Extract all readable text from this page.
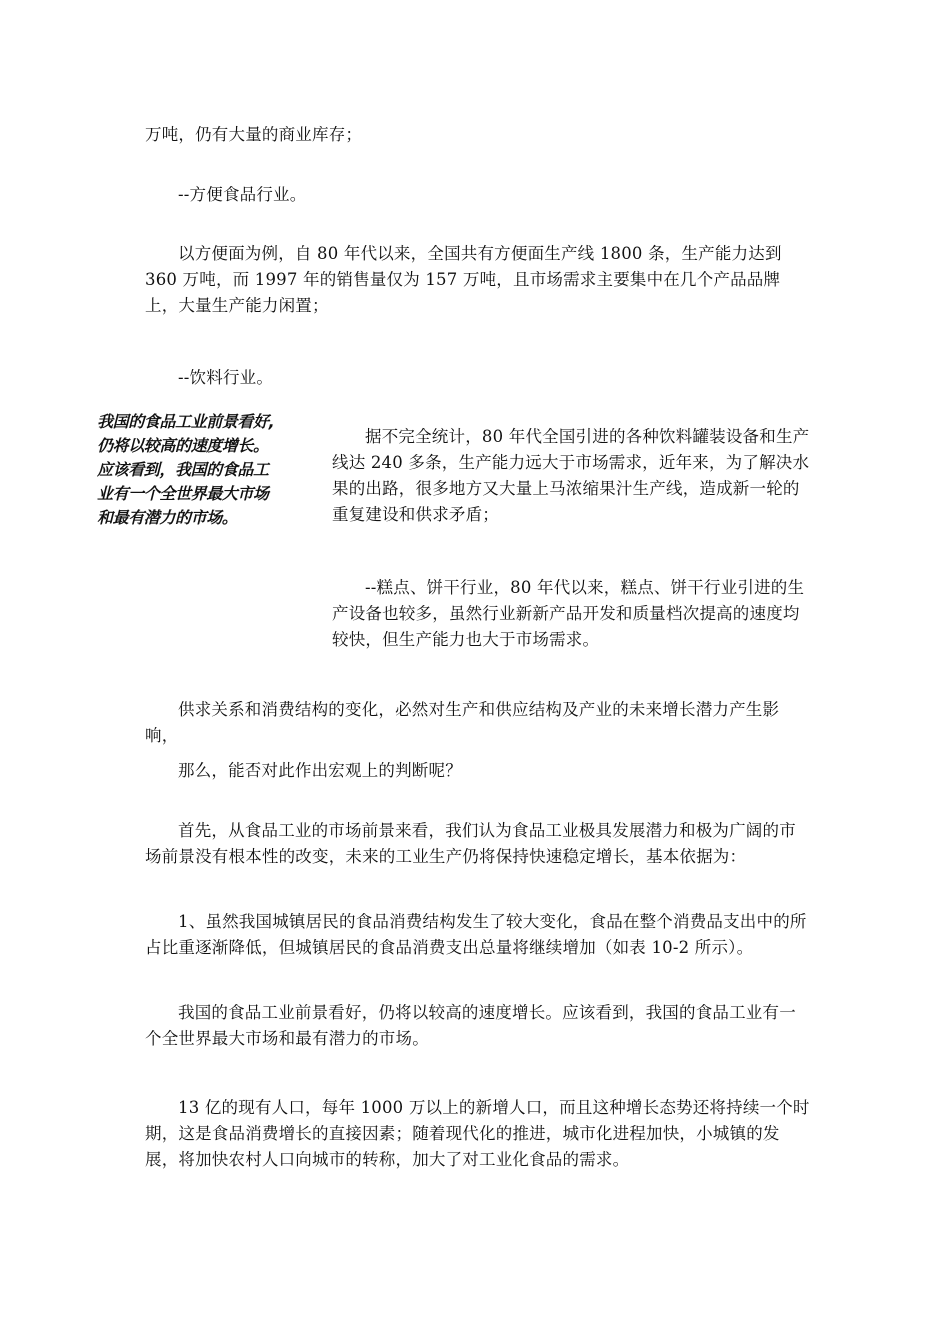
万吨，仍有大量的商业库存；

--方便食品行业。

以方便面为例，自 80 年代以来，全国共有方便面生产线 1800 条，生产能力达到 360 万吨，而 1997 年的销售量仅为 157 万吨，且市场需求主要集中在几个产品品牌上，大量生产能力闲置；

--饮料行业。

我国的食品工业前景看好,
仍将以较高的速度增长。
应该看到，我国的食品工
业有一个全世界最大市场
和最有潜力的市场。

据不完全统计，80 年代全国引进的各种饮料罐装设备和生产线达 240 多条，生产能力远大于市场需求，近年来，为了解决水果的出路，很多地方又大量上马浓缩果汁生产线，造成新一轮的重复建设和供求矛盾；

--糕点、饼干行业，80 年代以来，糕点、饼干行业引进的生产设备也较多，虽然行业新新产品开发和质量档次提高的速度均较快，但生产能力也大于市场需求。

供求关系和消费结构的变化，必然对生产和供应结构及产业的未来增长潜力产生影响，

那么，能否对此作出宏观上的判断呢？

首先，从食品工业的市场前景来看，我们认为食品工业极具发展潜力和极为广阔的市场前景没有根本性的改变，未来的工业生产仍将保持快速稳定增长，基本依据为：

1、虽然我国城镇居民的食品消费结构发生了较大变化，食品在整个消费品支出中的所占比重逐渐降低，但城镇居民的食品消费支出总量将继续增加（如表 10-2 所示）。

我国的食品工业前景看好，仍将以较高的速度增长。应该看到，我国的食品工业有一个全世界最大市场和最有潜力的市场。

13 亿的现有人口，每年 1000 万以上的新增人口，而且这种增长态势还将持续一个时期，这是食品消费增长的直接因素；随着现代化的推进，城市化进程加快，小城镇的发展，将加快农村人口向城市的转称，加大了对工业化食品的需求。
